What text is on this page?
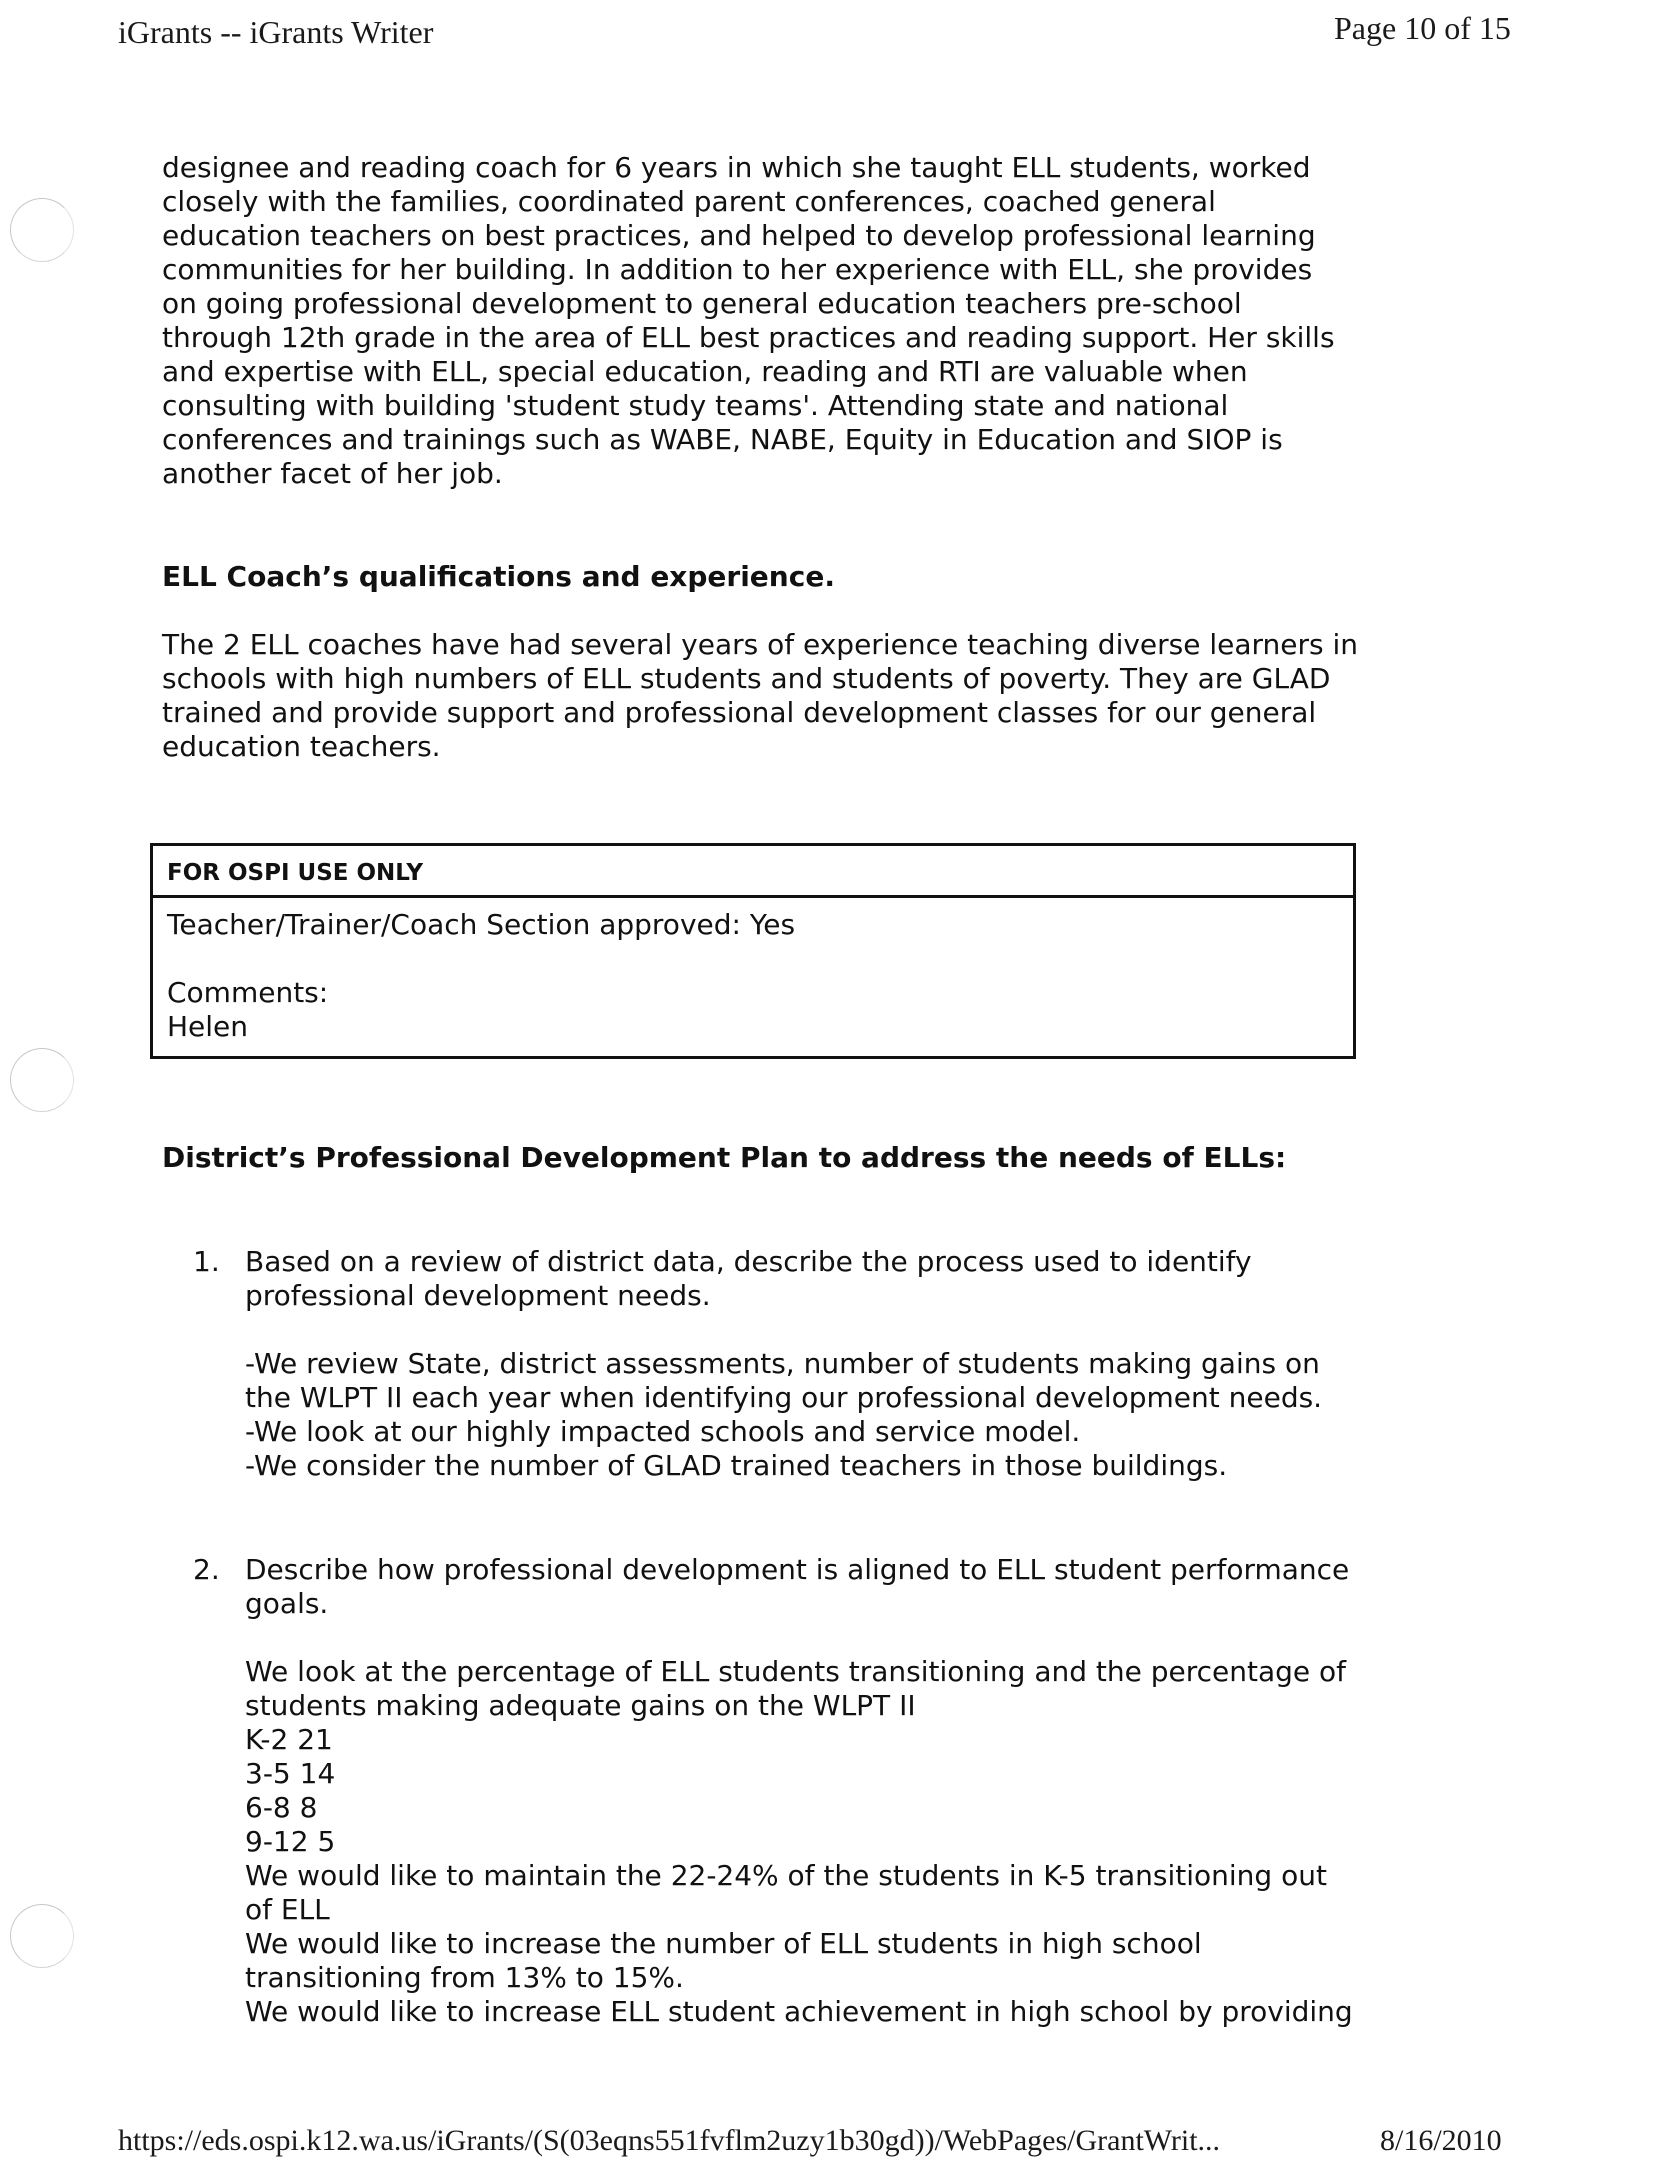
iGrants -- iGrants Writer	Page 10 of 15
designee and reading coach for 6 years in which she taught ELL students, worked
closely with the families, coordinated parent conferences, coached general
education teachers on best practices, and helped to develop professional learning
communities for her building. In addition to her experience with ELL, she provides
on going professional development to general education teachers pre-school
through 12th grade in the area of ELL best practices and reading support. Her skills
and expertise with ELL, special education, reading and RTI are valuable when
consulting with building 'student study teams'. Attending state and national
conferences and trainings such as WABE, NABE, Equity in Education and SIOP is
another facet of her job.
ELL Coach’s qualifications and experience.
The 2 ELL coaches have had several years of experience teaching diverse learners in
schools with high numbers of ELL students and students of poverty. They are GLAD
trained and provide support and professional development classes for our general
education teachers.
FOR OSPI USE ONLY
Teacher/Trainer/Coach Section approved: Yes
Comments:
Helen
District’s Professional Development Plan to address the needs of ELLs:
1. Based on a review of district data, describe the process used to identify
professional development needs.
-We review State, district assessments, number of students making gains on
the WLPT II each year when identifying our professional development needs.
-We look at our highly impacted schools and service model.
-We consider the number of GLAD trained teachers in those buildings.
2. Describe how professional development is aligned to ELL student performance
goals.
We look at the percentage of ELL students transitioning and the percentage of
students making adequate gains on the WLPT II
K-2 21
3-5 14
6-8 8
9-12 5
We would like to maintain the 22-24% of the students in K-5 transitioning out
of ELL
We would like to increase the number of ELL students in high school
transitioning from 13% to 15%.
We would like to increase ELL student achievement in high school by providing
https://eds.ospi.k12.wa.us/iGrants/(S(03eqns551fvflm2uzy1b30gd))/WebPages/GrantWrit...	8/16/2010
